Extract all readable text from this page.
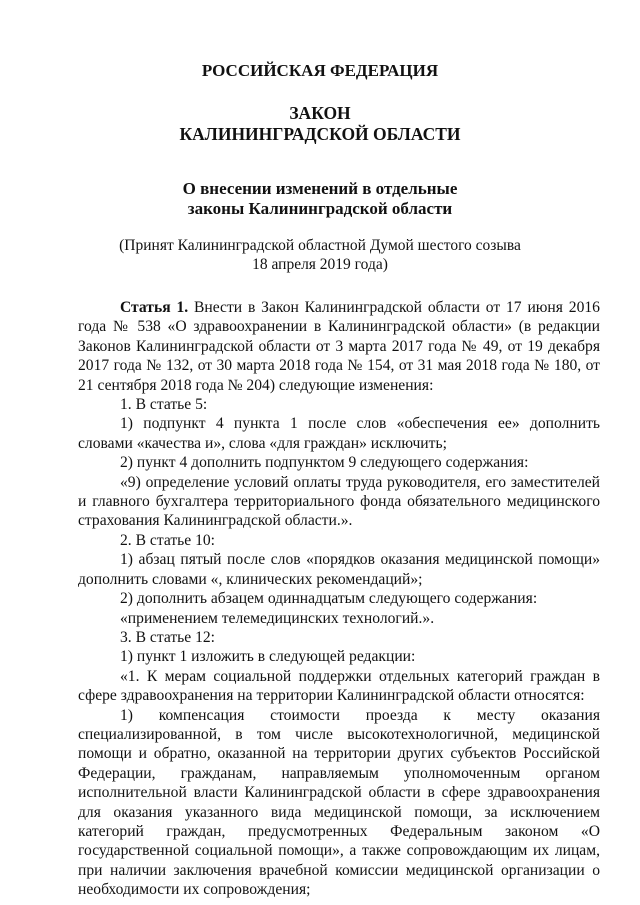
РОССИЙСКАЯ ФЕДЕРАЦИЯ

ЗАКОН

КАЛИНИНГРАДСКОЙ ОБЛАСТИ

О внесении изменений в отдельные

законы Калининградской области

(Принят Калининградской областной Думой шестого созыва

18 апреля 2019 года)

Статья 1. Внести в Закон Калининградской области от 17 июня 2016 года № 538 «О здравоохранении в Калининградской области» (в редакции Законов Калининградской области от 3 марта 2017 года № 49, от 19 декабря 2017 года № 132, от 30 марта 2018 года № 154, от 31 мая 2018 года № 180, от 21 сентября 2018 года № 204) следующие изменения:

1. В статье 5:

1) подпункт 4 пункта 1 после слов «обеспечения ее» дополнить словами «качества и», слова «для граждан» исключить;

2) пункт 4 дополнить подпунктом 9 следующего содержания:

«9) определение условий оплаты труда руководителя, его заместителей и главного бухгалтера территориального фонда обязательного медицинского страхования Калининградской области.».

2. В статье 10:

1) абзац пятый после слов «порядков оказания медицинской помощи» дополнить словами «, клинических рекомендаций»;

2) дополнить абзацем одиннадцатым следующего содержания:

«применением телемедицинских технологий.».

3. В статье 12:

1) пункт 1 изложить в следующей редакции:

«1. К мерам социальной поддержки отдельных категорий граждан в сфере здравоохранения на территории Калининградской области относятся:

1) компенсация стоимости проезда к месту оказания специализированной, в том числе высокотехнологичной, медицинской помощи и обратно, оказанной на территории других субъектов Российской Федерации, гражданам, направляемым уполномоченным органом исполнительной власти Калининградской области в сфере здравоохранения для оказания указанного вида медицинской помощи, за исключением категорий граждан, предусмотренных Федеральным законом «О государственной социальной помощи», а также сопровождающим их лицам, при наличии заключения врачебной комиссии медицинской организации о необходимости их сопровождения;
